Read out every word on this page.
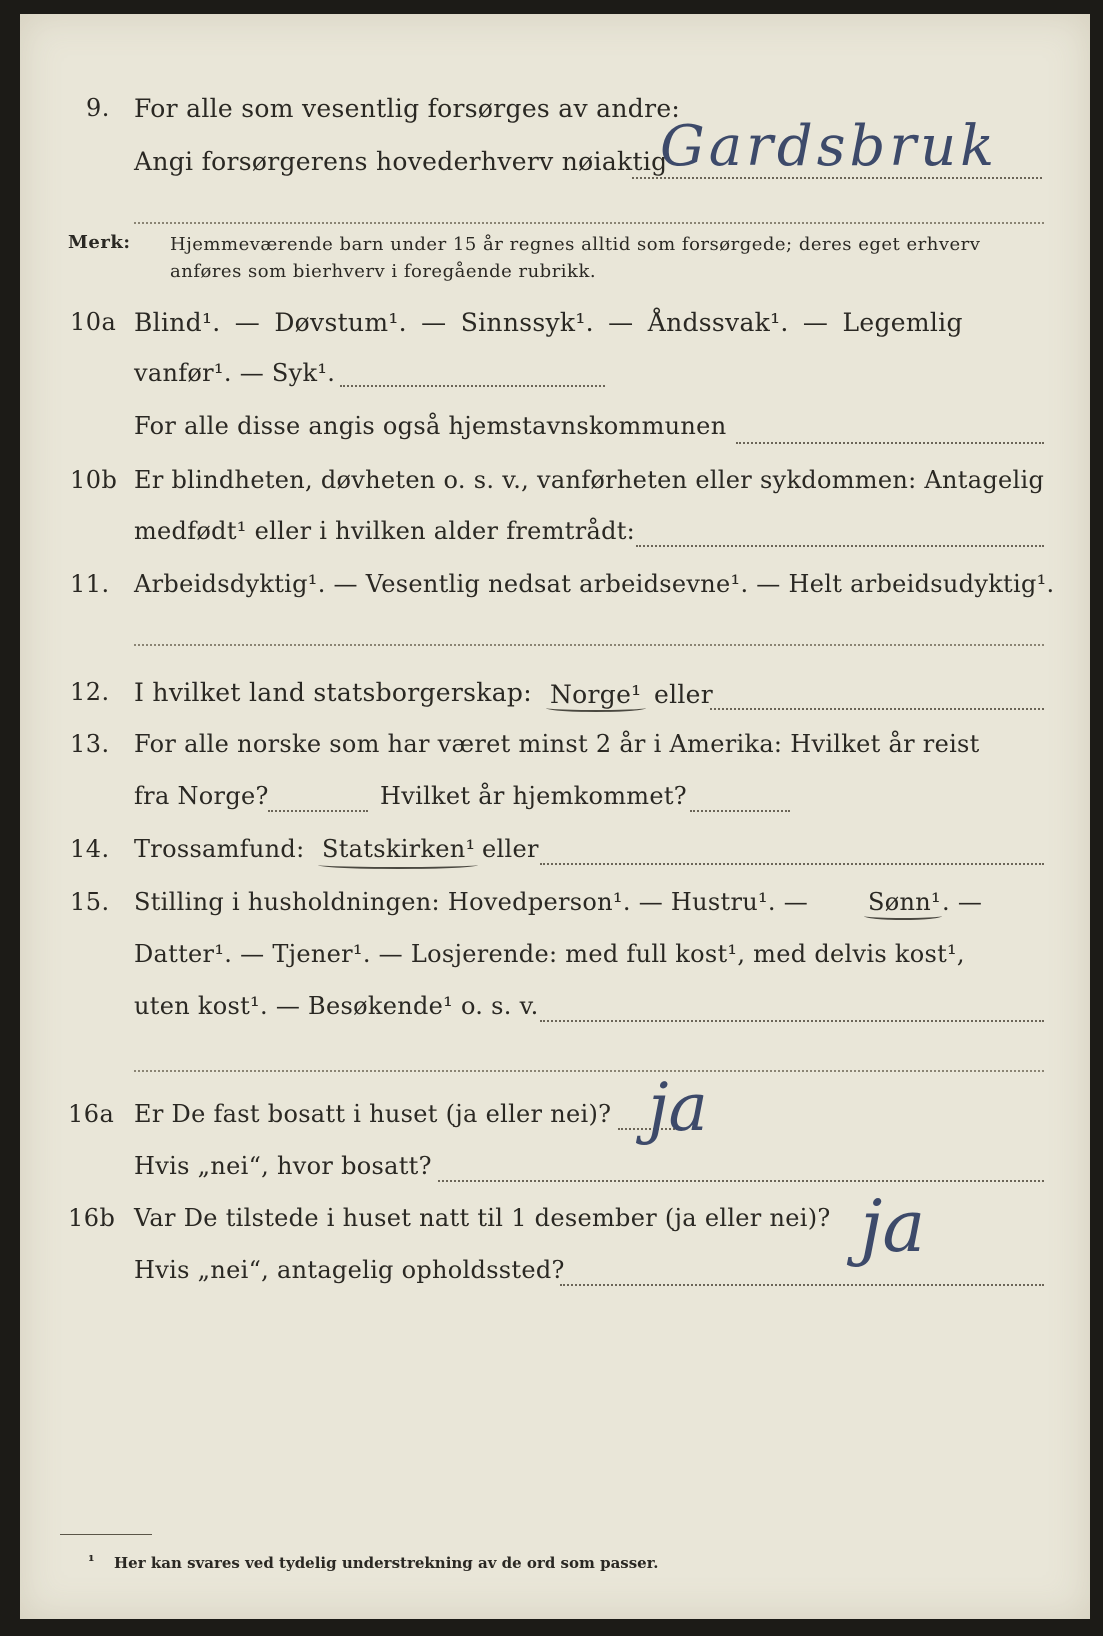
9. For alle som vesentlig forsørges av andre:
Angi forsørgerens hovederhverv nøiaktig
Gardsbruk
Merk: Hjemmeværende barn under 15 år regnes alltid som forsørgede; deres eget erhverv
anføres som bierhverv i foregående rubrikk.
10a Blind¹. — Døvstum¹. — Sinnssyk¹. — Åndssvak¹. — Legemlig
vanfør¹. — Syk¹.
For alle disse angis også hjemstavnskommunen
10b Er blindheten, døvheten o. s. v., vanførheten eller sykdommen: Antagelig
medfødt¹ eller i hvilken alder fremtrådt:
11. Arbeidsdyktig¹. — Vesentlig nedsat arbeidsevne¹. — Helt arbeidsudyktig¹.
12. I hvilket land statsborgerskap: Norge¹ eller
13. For alle norske som har været minst 2 år i Amerika: Hvilket år reist
fra Norge?	Hvilket år hjemkommet?
14. Trossamfund: Statskirken¹ eller
15. Stilling i husholdningen: Hovedperson¹. — Hustru¹. — Sønn¹ . —
Datter¹. — Tjener¹. — Losjerende: med full kost¹, med delvis kost¹,
uten kost¹. — Besøkende¹ o. s. v.
16a Er De fast bosatt i huset (ja eller nei)?
Hvis „nei“, hvor bosatt?
ja
16b Var De tilstede i huset natt til 1 desember (ja eller nei)?
Hvis „nei“, antagelig opholdssted?
ja
¹ Her kan svares ved tydelig understrekning av de ord som passer.
